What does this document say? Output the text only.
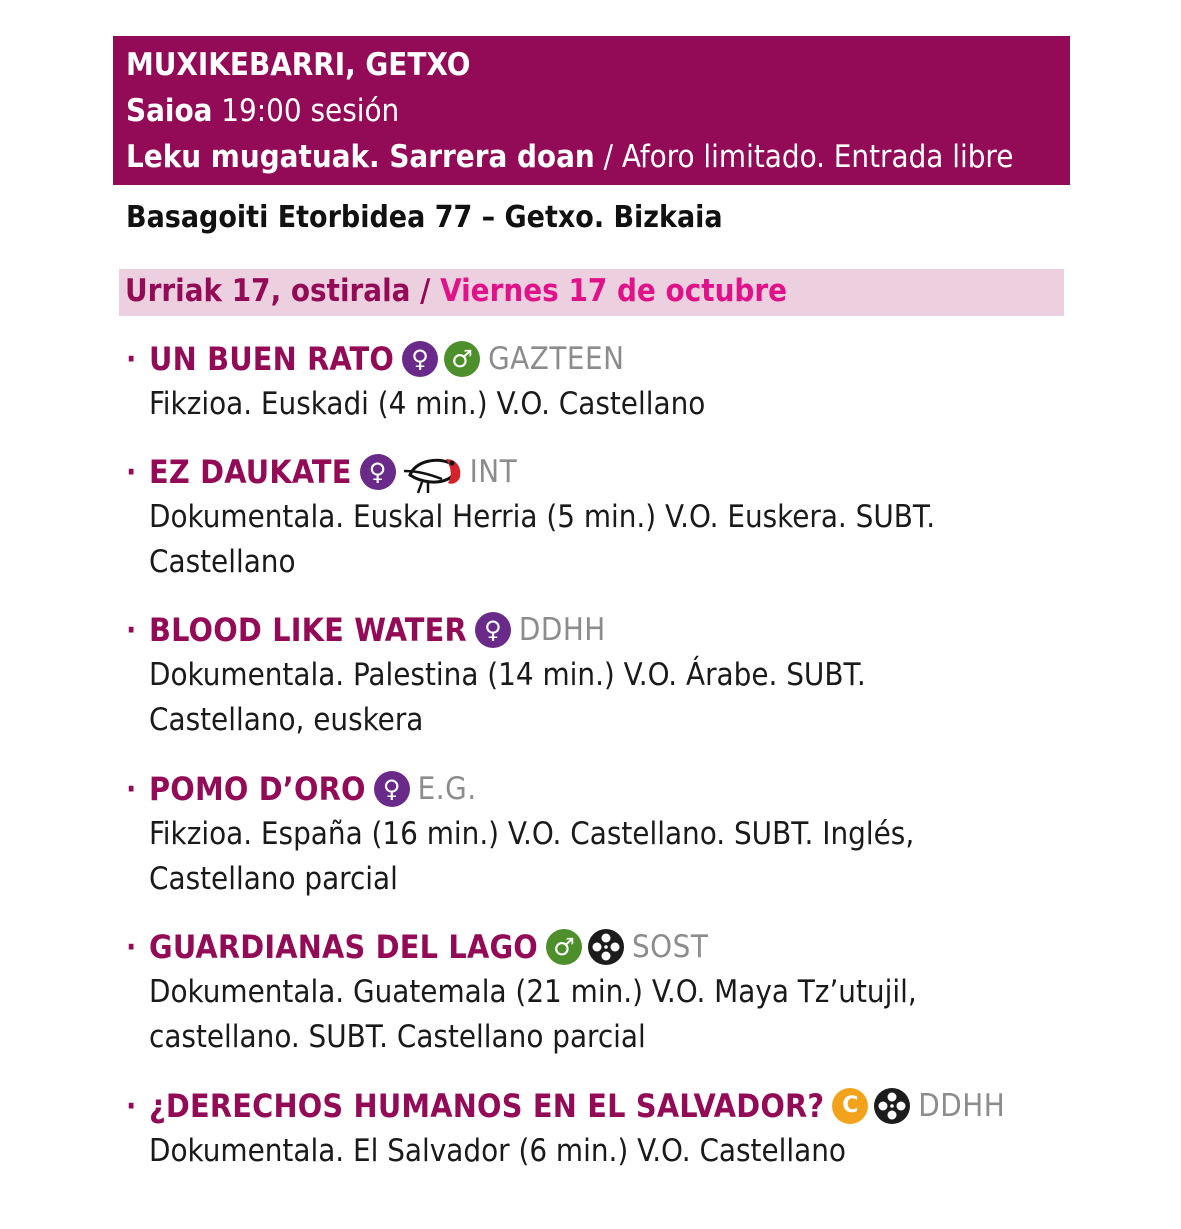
MUXIKEBARRI, GETXO
Saioa 19:00 sesión
Leku mugatuak. Sarrera doan / Aforo limitado. Entrada libre
Basagoiti Etorbidea 77 – Getxo. Bizkaia
Urriak 17, ostirala / Viernes 17 de octubre
· UN BUEN RATO ♀ ♂ GAZTEEN
Fikzioa. Euskadi (4 min.) V.O. Castellano
· EZ DAUKATE ♀	INT
Dokumentala. Euskal Herria (5 min.) V.O. Euskera. SUBT.
Castellano
· BLOOD LIKE WATER ♀ DDHH
Dokumentala. Palestina (14 min.) V.O. Árabe. SUBT.
Castellano, euskera
· POMO D’ORO ♀ E.G.
Fikzioa. España (16 min.) V.O. Castellano. SUBT. Inglés,
Castellano parcial
· GUARDIANAS DEL LAGO ♂ SOST
Dokumentala. Guatemala (21 min.) V.O. Maya Tz’utujil,
castellano. SUBT. Castellano parcial
· ¿DERECHOS HUMANOS EN EL SALVADOR? C	DDHH
Dokumentala. El Salvador (6 min.) V.O. Castellano
